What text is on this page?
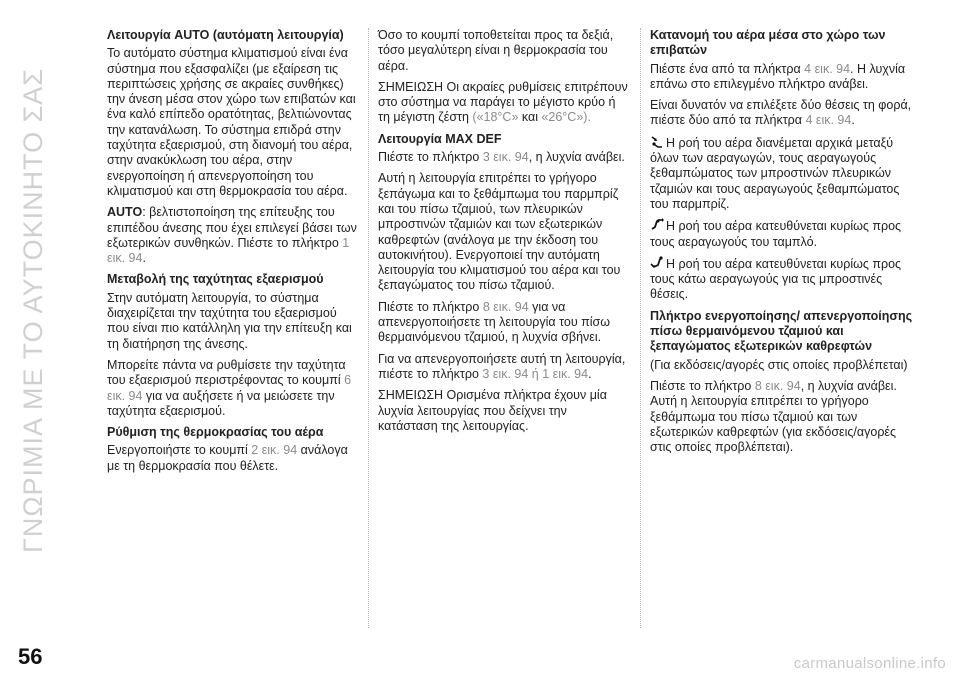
ΓΝΩΡΙΜΙΑ ΜΕ ΤΟ ΑΥΤΟΚΙΝΗΤΟ ΣΑΣ
Λειτουργία AUTO (αυτόματη λειτουργία)

Το αυτόματο σύστημα κλιματισμού είναι ένα σύστημα που εξασφαλίζει (με εξαίρεση τις περιπτώσεις χρήσης σε ακραίες συνθήκες) την άνεση μέσα στον χώρο των επιβατών και ένα καλό επίπεδο ορατότητας, βελτιώνοντας την κατανάλωση. Το σύστημα επιδρά στην ταχύτητα εξαερισμού, στη διανομή του αέρα, στην ανακύκλωση του αέρα, στην ενεργοποίηση ή απενεργοποίηση του κλιματισμού και στη θερμοκρασία του αέρα.

AUTO: βελτιστοποίηση της επίτευξης του επιπέδου άνεσης που έχει επιλεγεί βάσει των εξωτερικών συνθηκών. Πιέστε το πλήκτρο 1 εικ. 94.

Μεταβολή της ταχύτητας εξαερισμού

Στην αυτόματη λειτουργία, το σύστημα διαχειρίζεται την ταχύτητα του εξαερισμού που είναι πιο κατάλληλη για την επίτευξη και τη διατήρηση της άνεσης.

Μπορείτε πάντα να ρυθμίσετε την ταχύτητα του εξαερισμού περιστρέφοντας το κουμπί 6 εικ. 94 για να αυξήσετε ή να μειώσετε την ταχύτητα εξαερισμού.

Ρύθμιση της θερμοκρασίας του αέρα

Ενεργοποιήστε το κουμπί 2 εικ. 94 ανάλογα με τη θερμοκρασία που θέλετε.

Όσο το κουμπί τοποθετείται προς τα δεξιά, τόσο μεγαλύτερη είναι η θερμοκρασία του αέρα.

ΣΗΜΕΙΩΣΗ Οι ακραίες ρυθμίσεις επιτρέπουν στο σύστημα να παράγει το μέγιστο κρύο ή τη μέγιστη ζέστη («18°C» και «26°C»).

Λειτουργία MAX DEF

Πιέστε το πλήκτρο 3 εικ. 94, η λυχνία ανάβει.

Αυτή η λειτουργία επιτρέπει το γρήγορο ξεπάγωμα και το ξεθάμπωμα του παρμπρίζ και του πίσω τζαμιού, των πλευρικών μπροστινών τζαμιών και των εξωτερικών καθρεφτών (ανάλογα με την έκδοση του αυτοκινήτου). Ενεργοποιεί την αυτόματη λειτουργία του κλιματισμού του αέρα και του ξεπαγώματος του πίσω τζαμιού.

Πιέστε το πλήκτρο 8 εικ. 94 για να απενεργοποιήσετε τη λειτουργία του πίσω θερμαινόμενου τζαμιού, η λυχνία σβήνει.

Για να απενεργοποιήσετε αυτή τη λειτουργία, πιέστε το πλήκτρο 3 εικ. 94 ή 1 εικ. 94.

ΣΗΜΕΙΩΣΗ Ορισμένα πλήκτρα έχουν μία λυχνία λειτουργίας που δείχνει την κατάσταση της λειτουργίας.

Κατανομή του αέρα μέσα στο χώρο των επιβατών

Πιέστε ένα από τα πλήκτρα 4 εικ. 94. Η λυχνία επάνω στο επιλεγμένο πλήκτρο ανάβει.

Είναι δυνατόν να επιλέξετε δύο θέσεις τη φορά, πιέστε δύο από τα πλήκτρα 4 εικ. 94.

Η ροή του αέρα διανέμεται αρχικά μεταξύ όλων των αεραγωγών, τους αεραγωγούς ξεθαμπώματος των μπροστινών πλευρικών τζαμιών και τους αεραγωγούς ξεθαμπώματος του παρμπρίζ.

Η ροή του αέρα κατευθύνεται κυρίως προς τους αεραγωγούς του ταμπλό.

Η ροή του αέρα κατευθύνεται κυρίως προς τους κάτω αεραγωγούς για τις μπροστινές θέσεις.

Πλήκτρο ενεργοποίησης/ απενεργοποίησης πίσω θερμαινόμενου τζαμιού και ξεπαγώματος εξωτερικών καθρεφτών

(Για εκδόσεις/αγορές στις οποίες προβλέπεται)

Πιέστε το πλήκτρο 8 εικ. 94, η λυχνία ανάβει. Αυτή η λειτουργία επιτρέπει το γρήγορο ξεθάμπωμα του πίσω τζαμιού και των εξωτερικών καθρεφτών (για εκδόσεις/αγορές στις οποίες προβλέπεται).

56	carmanualsonline.info
